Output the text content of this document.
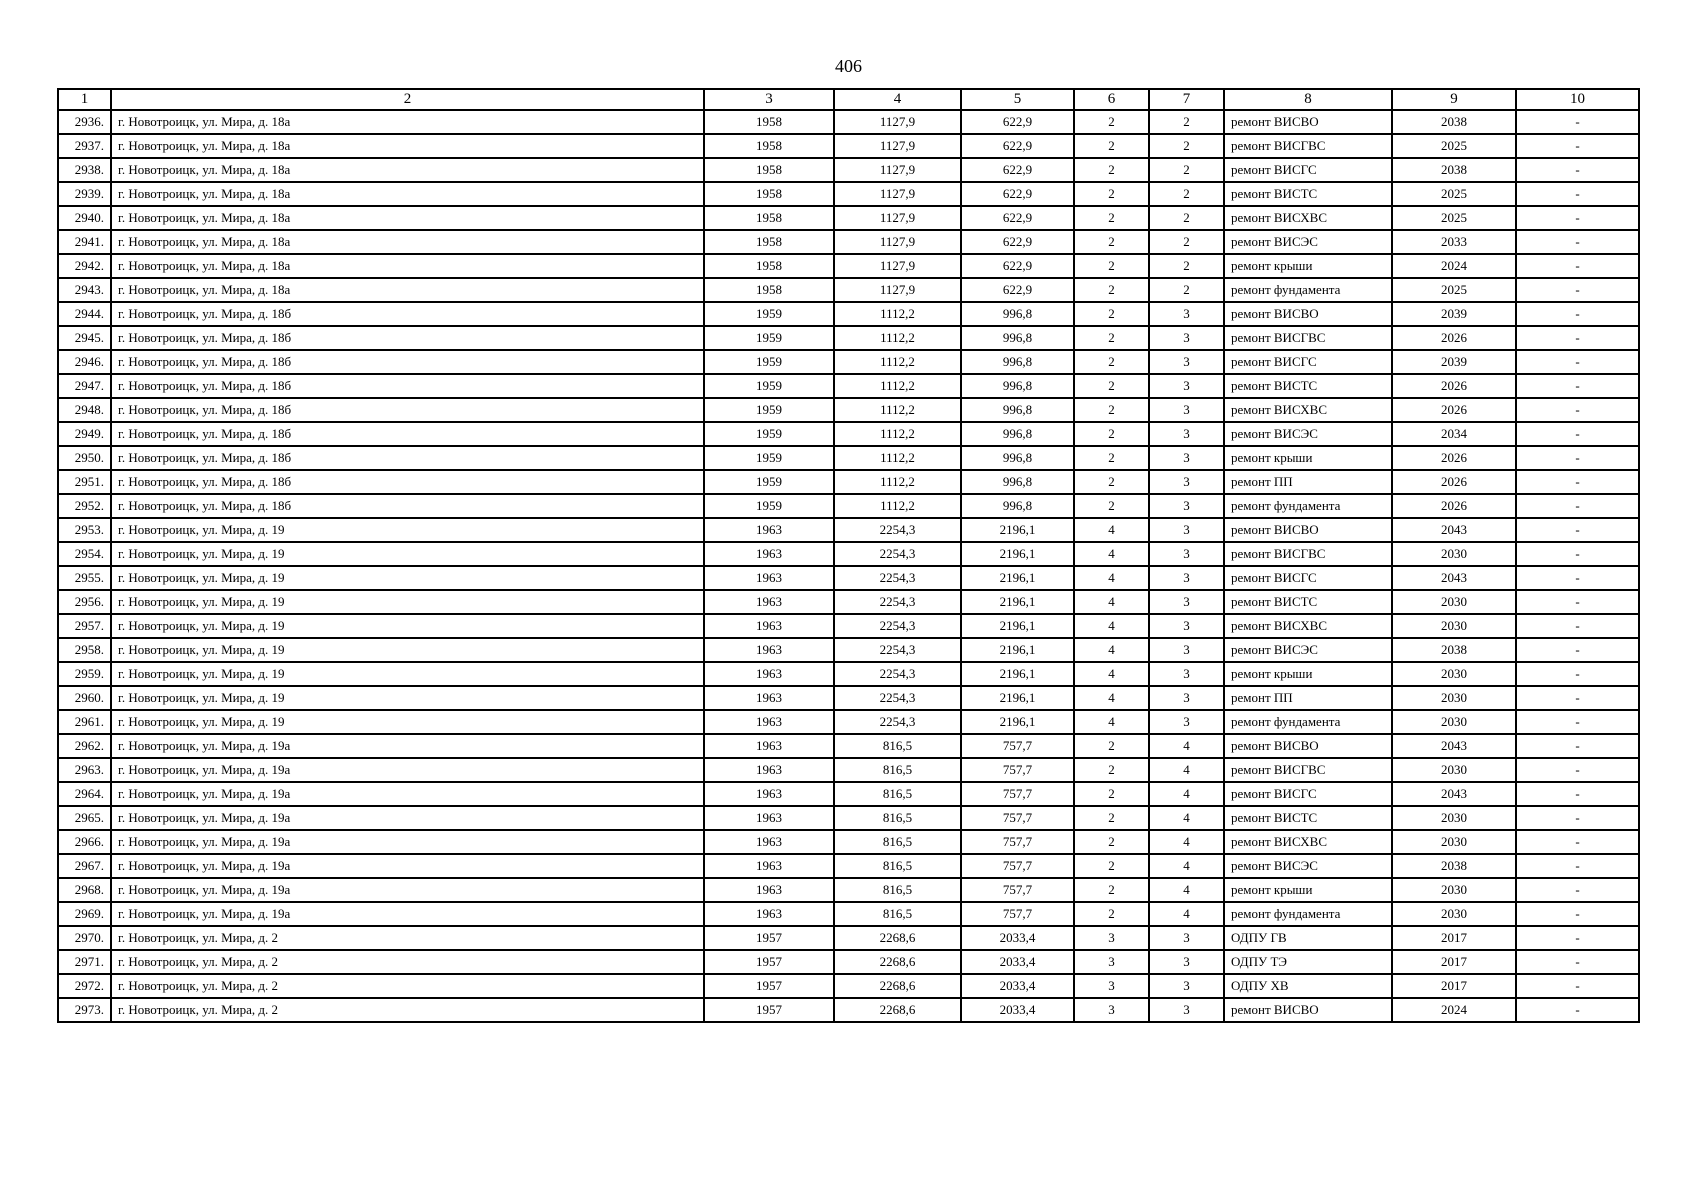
406
1	2	3	4	5	6	7	8	9	10
2936.	г. Новотроицк, ул. Мира, д. 18а	1958	1127,9	622,9	2	2	ремонт ВИСВО	2038	-
2937.	г. Новотроицк, ул. Мира, д. 18а	1958	1127,9	622,9	2	2	ремонт ВИСГВС	2025	-
2938.	г. Новотроицк, ул. Мира, д. 18а	1958	1127,9	622,9	2	2	ремонт ВИСГС	2038	-
2939.	г. Новотроицк, ул. Мира, д. 18а	1958	1127,9	622,9	2	2	ремонт ВИСТС	2025	-
2940.	г. Новотроицк, ул. Мира, д. 18а	1958	1127,9	622,9	2	2	ремонт ВИСХВС	2025	-
2941.	г. Новотроицк, ул. Мира, д. 18а	1958	1127,9	622,9	2	2	ремонт ВИСЭС	2033	-
2942.	г. Новотроицк, ул. Мира, д. 18а	1958	1127,9	622,9	2	2	ремонт крыши	2024	-
2943.	г. Новотроицк, ул. Мира, д. 18а	1958	1127,9	622,9	2	2	ремонт фундамента	2025	-
2944.	г. Новотроицк, ул. Мира, д. 18б	1959	1112,2	996,8	2	3	ремонт ВИСВО	2039	-
2945.	г. Новотроицк, ул. Мира, д. 18б	1959	1112,2	996,8	2	3	ремонт ВИСГВС	2026	-
2946.	г. Новотроицк, ул. Мира, д. 18б	1959	1112,2	996,8	2	3	ремонт ВИСГС	2039	-
2947.	г. Новотроицк, ул. Мира, д. 18б	1959	1112,2	996,8	2	3	ремонт ВИСТС	2026	-
2948.	г. Новотроицк, ул. Мира, д. 18б	1959	1112,2	996,8	2	3	ремонт ВИСХВС	2026	-
2949.	г. Новотроицк, ул. Мира, д. 18б	1959	1112,2	996,8	2	3	ремонт ВИСЭС	2034	-
2950.	г. Новотроицк, ул. Мира, д. 18б	1959	1112,2	996,8	2	3	ремонт крыши	2026	-
2951.	г. Новотроицк, ул. Мира, д. 18б	1959	1112,2	996,8	2	3	ремонт ПП	2026	-
2952.	г. Новотроицк, ул. Мира, д. 18б	1959	1112,2	996,8	2	3	ремонт фундамента	2026	-
2953.	г. Новотроицк, ул. Мира, д. 19	1963	2254,3	2196,1	4	3	ремонт ВИСВО	2043	-
2954.	г. Новотроицк, ул. Мира, д. 19	1963	2254,3	2196,1	4	3	ремонт ВИСГВС	2030	-
2955.	г. Новотроицк, ул. Мира, д. 19	1963	2254,3	2196,1	4	3	ремонт ВИСГС	2043	-
2956.	г. Новотроицк, ул. Мира, д. 19	1963	2254,3	2196,1	4	3	ремонт ВИСТС	2030	-
2957.	г. Новотроицк, ул. Мира, д. 19	1963	2254,3	2196,1	4	3	ремонт ВИСХВС	2030	-
2958.	г. Новотроицк, ул. Мира, д. 19	1963	2254,3	2196,1	4	3	ремонт ВИСЭС	2038	-
2959.	г. Новотроицк, ул. Мира, д. 19	1963	2254,3	2196,1	4	3	ремонт крыши	2030	-
2960.	г. Новотроицк, ул. Мира, д. 19	1963	2254,3	2196,1	4	3	ремонт ПП	2030	-
2961.	г. Новотроицк, ул. Мира, д. 19	1963	2254,3	2196,1	4	3	ремонт фундамента	2030	-
2962.	г. Новотроицк, ул. Мира, д. 19а	1963	816,5	757,7	2	4	ремонт ВИСВО	2043	-
2963.	г. Новотроицк, ул. Мира, д. 19а	1963	816,5	757,7	2	4	ремонт ВИСГВС	2030	-
2964.	г. Новотроицк, ул. Мира, д. 19а	1963	816,5	757,7	2	4	ремонт ВИСГС	2043	-
2965.	г. Новотроицк, ул. Мира, д. 19а	1963	816,5	757,7	2	4	ремонт ВИСТС	2030	-
2966.	г. Новотроицк, ул. Мира, д. 19а	1963	816,5	757,7	2	4	ремонт ВИСХВС	2030	-
2967.	г. Новотроицк, ул. Мира, д. 19а	1963	816,5	757,7	2	4	ремонт ВИСЭС	2038	-
2968.	г. Новотроицк, ул. Мира, д. 19а	1963	816,5	757,7	2	4	ремонт крыши	2030	-
2969.	г. Новотроицк, ул. Мира, д. 19а	1963	816,5	757,7	2	4	ремонт фундамента	2030	-
2970.	г. Новотроицк, ул. Мира, д. 2	1957	2268,6	2033,4	3	3	ОДПУ ГВ	2017	-
2971.	г. Новотроицк, ул. Мира, д. 2	1957	2268,6	2033,4	3	3	ОДПУ ТЭ	2017	-
2972.	г. Новотроицк, ул. Мира, д. 2	1957	2268,6	2033,4	3	3	ОДПУ ХВ	2017	-
2973.	г. Новотроицк, ул. Мира, д. 2	1957	2268,6	2033,4	3	3	ремонт ВИСВО	2024	-
